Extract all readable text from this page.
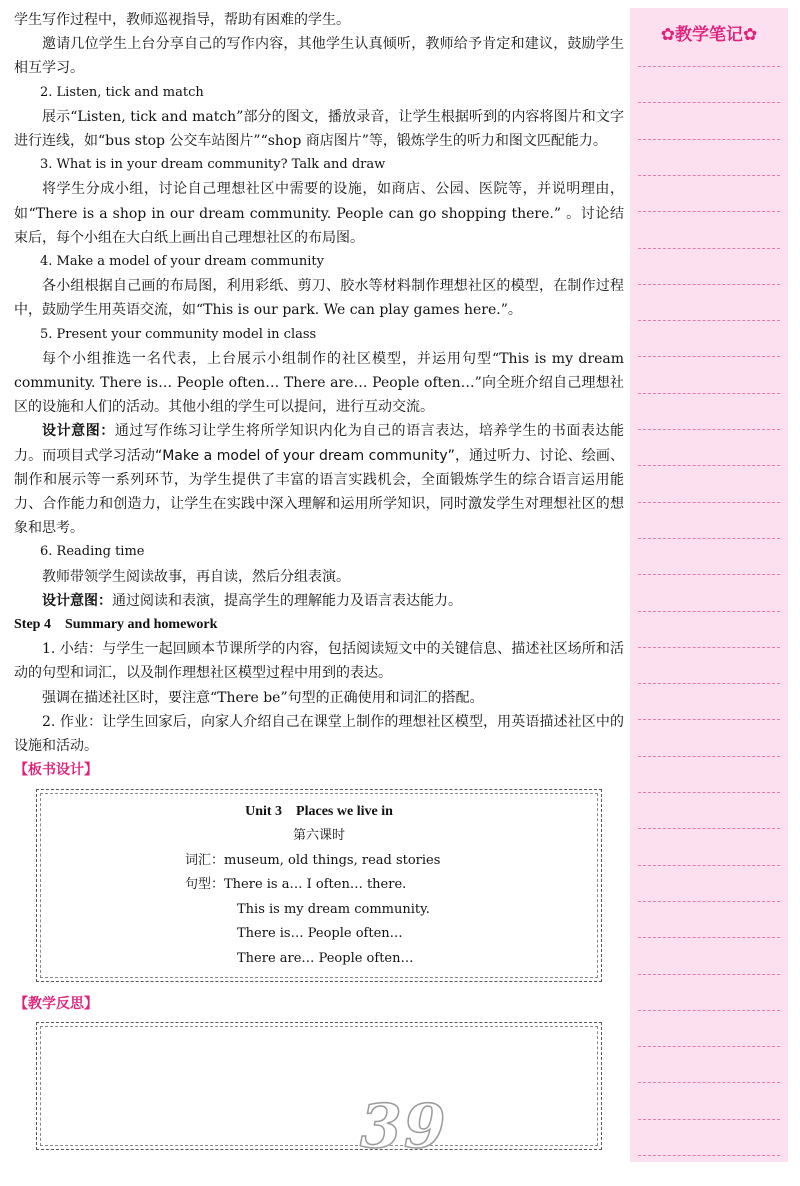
学生写作过程中，教师巡视指导，帮助有困难的学生。

邀请几位学生上台分享自己的写作内容，其他学生认真倾听，教师给予肯定和建议，鼓励学生相互学习。

2. Listen, tick and match

展示“Listen, tick and match”部分的图文，播放录音，让学生根据听到的内容将图片和文字进行连线，如“bus stop 公交车站图片”“shop 商店图片”等，锻炼学生的听力和图文匹配能力。

3. What is in your dream community? Talk and draw

将学生分成小组，讨论自己理想社区中需要的设施，如商店、公园、医院等，并说明理由，如“There is a shop in our dream community. People can go shopping there.” 。讨论结束后，每个小组在大白纸上画出自己理想社区的布局图。

4. Make a model of your dream community

各小组根据自己画的布局图，利用彩纸、剪刀、胶水等材料制作理想社区的模型，在制作过程中，鼓励学生用英语交流，如“This is our park. We can play games here.”。

5. Present your community model in class

每个小组推选一名代表，上台展示小组制作的社区模型，并运用句型“This is my dream community. There is… People often… There are… People often…”向全班介绍自己理想社区的设施和人们的活动。其他小组的学生可以提问，进行互动交流。

设计意图：通过写作练习让学生将所学知识内化为自己的语言表达，培养学生的书面表达能力。而项目式学习活动“Make a model of your dream community”，通过听力、讨论、绘画、制作和展示等一系列环节，为学生提供了丰富的语言实践机会，全面锻炼学生的综合语言运用能力、合作能力和创造力，让学生在实践中深入理解和运用所学知识，同时激发学生对理想社区的想象和思考。

6. Reading time

教师带领学生阅读故事，再自读，然后分组表演。

设计意图：通过阅读和表演，提高学生的理解能力及语言表达能力。

Step 4　Summary and homework

1. 小结：与学生一起回顾本节课所学的内容，包括阅读短文中的关键信息、描述社区场所和活动的句型和词汇，以及制作理想社区模型过程中用到的表达。

强调在描述社区时，要注意“There be”句型的正确使用和词汇的搭配。

2. 作业：让学生回家后，向家人介绍自己在课堂上制作的理想社区模型，用英语描述社区中的设施和活动。

【板书设计】

Unit 3　Places we live in
第六课时
词汇：museum, old things, read stories
句型：There is a… I often… there.
This is my dream community.
There is… People often…
There are… People often…

【教学反思】

39
✿教学笔记✿
